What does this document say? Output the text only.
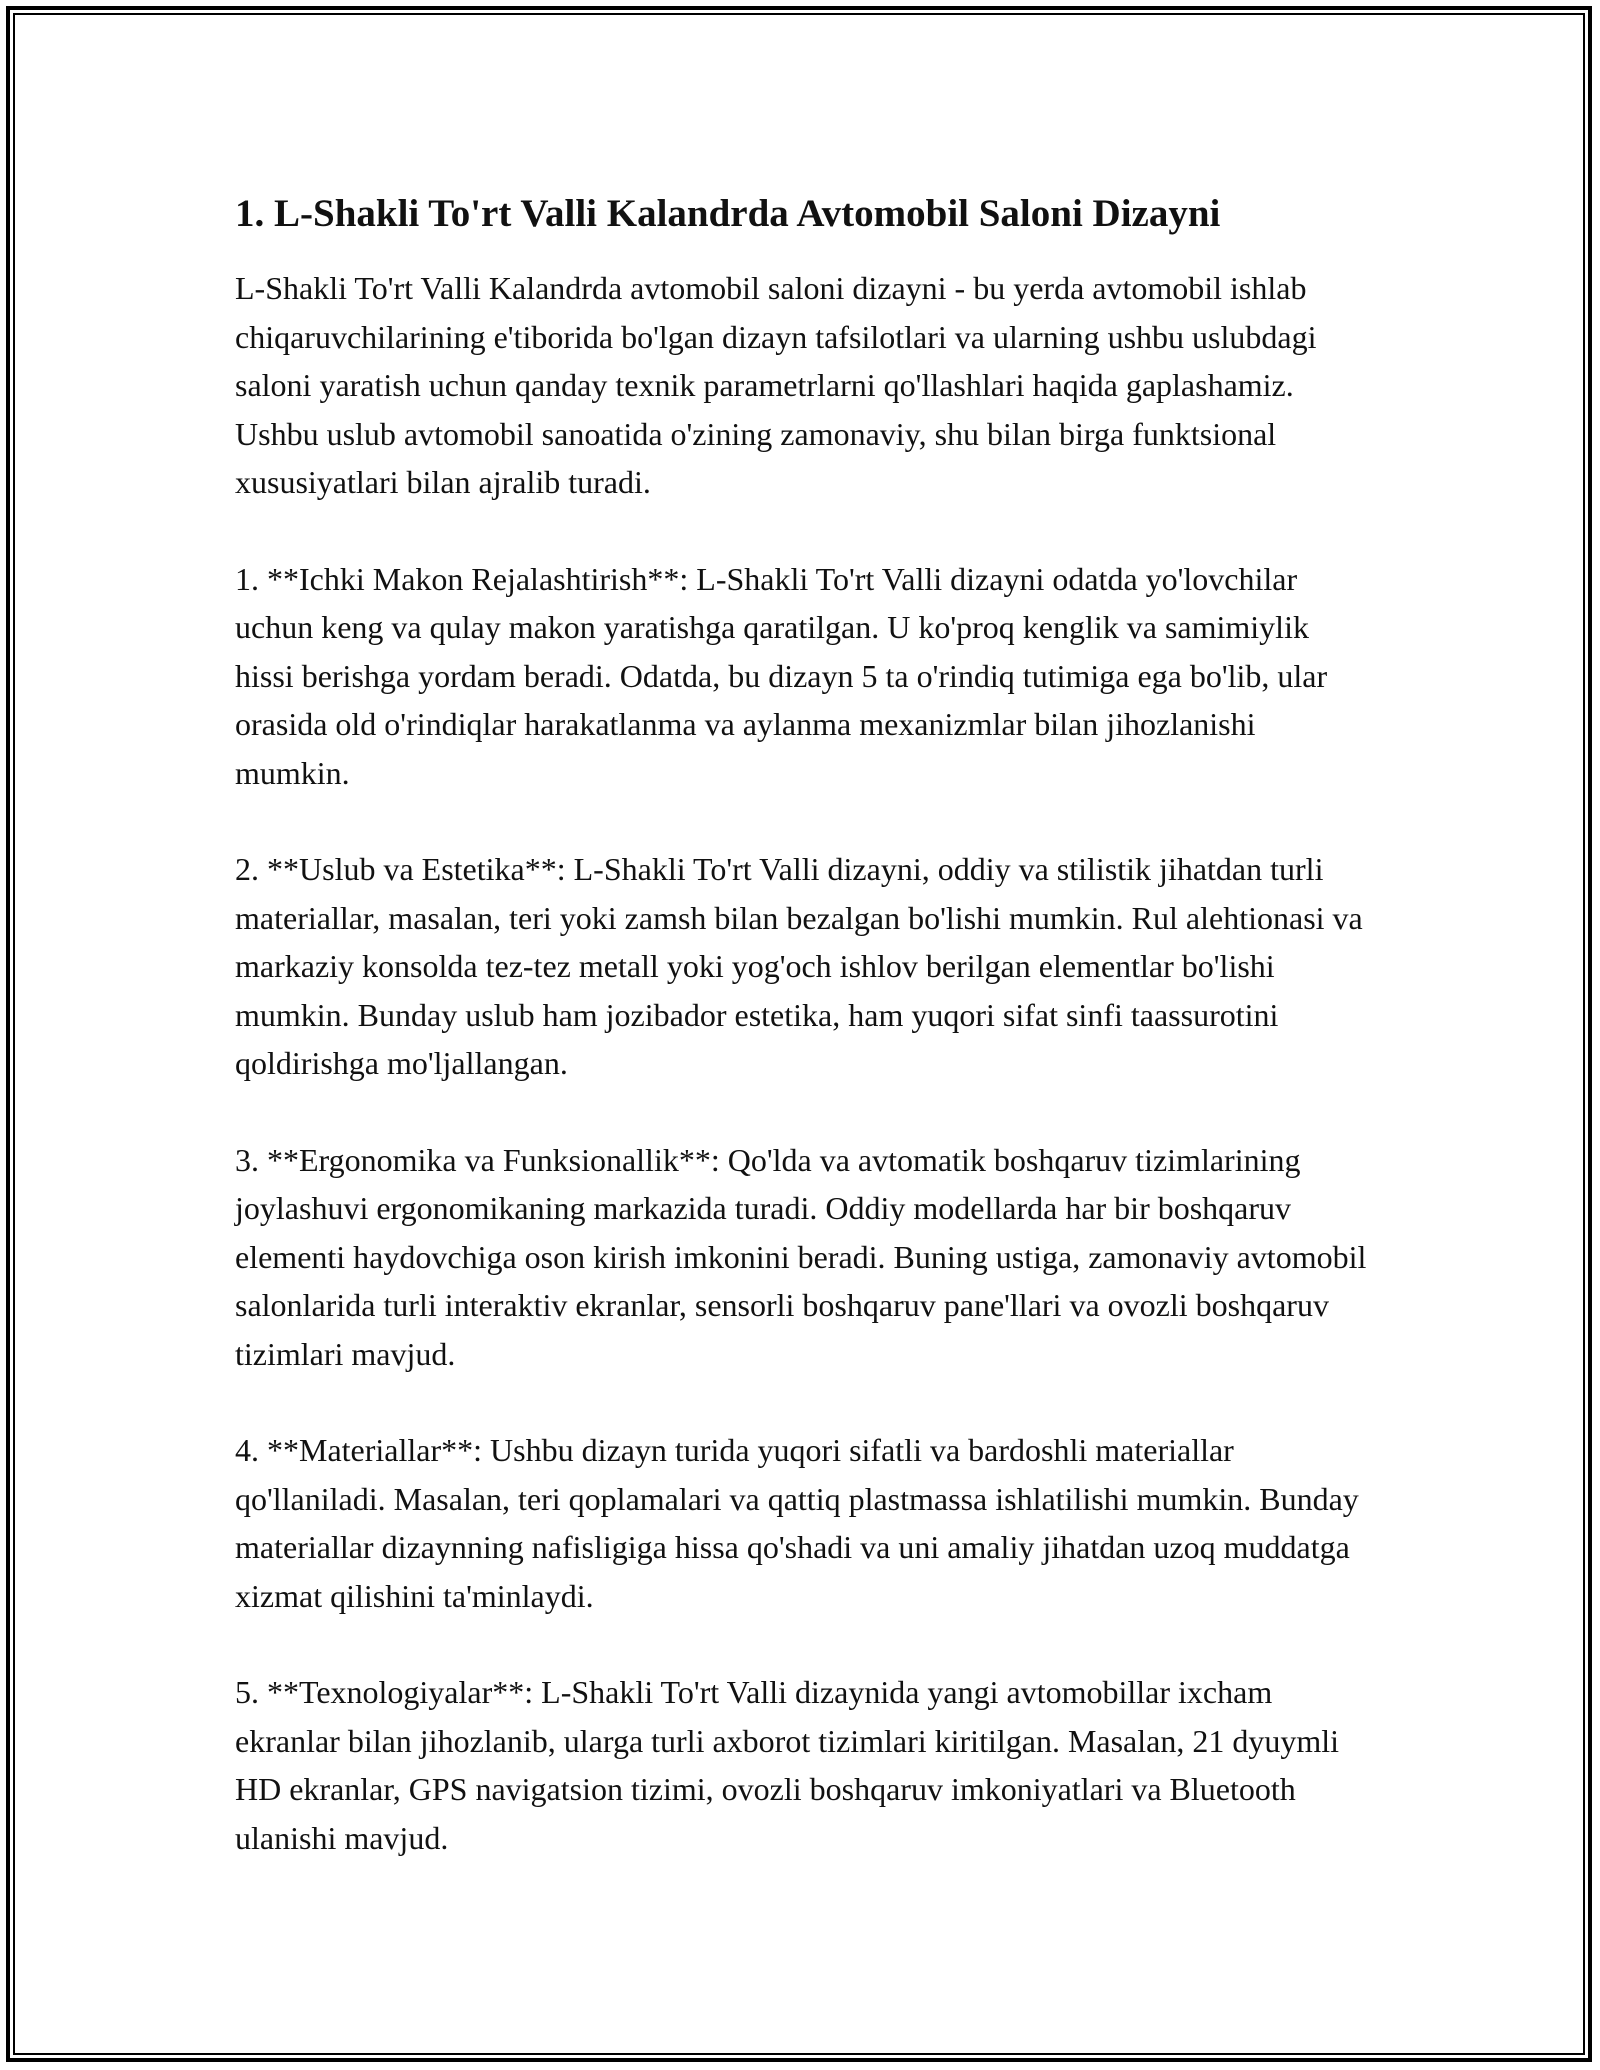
1. L-Shakli To'rt Valli Kalandrda Avtomobil Saloni Dizayni

L-Shakli To'rt Valli Kalandrda avtomobil saloni dizayni - bu yerda avtomobil ishlab chiqaruvchilarining e'tiborida bo'lgan dizayn tafsilotlari va ularning ushbu uslubdagi saloni yaratish uchun qanday texnik parametrlarni qo'llashlari haqida gaplashamiz. Ushbu uslub avtomobil sanoatida o'zining zamonaviy, shu bilan birga funktsional xususiyatlari bilan ajralib turadi.

1. **Ichki Makon Rejalashtirish**: L-Shakli To'rt Valli dizayni odatda yo'lovchilar uchun keng va qulay makon yaratishga qaratilgan. U ko'proq kenglik va samimiylik hissi berishga yordam beradi. Odatda, bu dizayn 5 ta o'rindiq tutimiga ega bo'lib, ular orasida old o'rindiqlar harakatlanma va aylanma mexanizmlar bilan jihozlanishi mumkin.

2. **Uslub va Estetika**: L-Shakli To'rt Valli dizayni, oddiy va stilistik jihatdan turli materiallar, masalan, teri yoki zamsh bilan bezalgan bo'lishi mumkin. Rul alehtionasi va markaziy konsolda tez-tez metall yoki yog'och ishlov berilgan elementlar bo'lishi mumkin. Bunday uslub ham jozibador estetika, ham yuqori sifat sinfi taassurotini qoldirishga mo'ljallangan.

3. **Ergonomika va Funksionallik**: Qo'lda va avtomatik boshqaruv tizimlarining joylashuvi ergonomikaning markazida turadi. Oddiy modellarda har bir boshqaruv elementi haydovchiga oson kirish imkonini beradi. Buning ustiga, zamonaviy avtomobil salonlarida turli interaktiv ekranlar, sensorli boshqaruv pane'llari va ovozli boshqaruv tizimlari mavjud.

4. **Materiallar**: Ushbu dizayn turida yuqori sifatli va bardoshli materiallar qo'llaniladi. Masalan, teri qoplamalari va qattiq plastmassa ishlatilishi mumkin. Bunday materiallar dizaynning nafisligiga hissa qo'shadi va uni amaliy jihatdan uzoq muddatga xizmat qilishini ta'minlaydi.

5. **Texnologiyalar**: L-Shakli To'rt Valli dizaynida yangi avtomobillar ixcham ekranlar bilan jihozlanib, ularga turli axborot tizimlari kiritilgan. Masalan, 21 dyuymli HD ekranlar, GPS navigatsion tizimi, ovozli boshqaruv imkoniyatlari va Bluetooth ulanishi mavjud.
